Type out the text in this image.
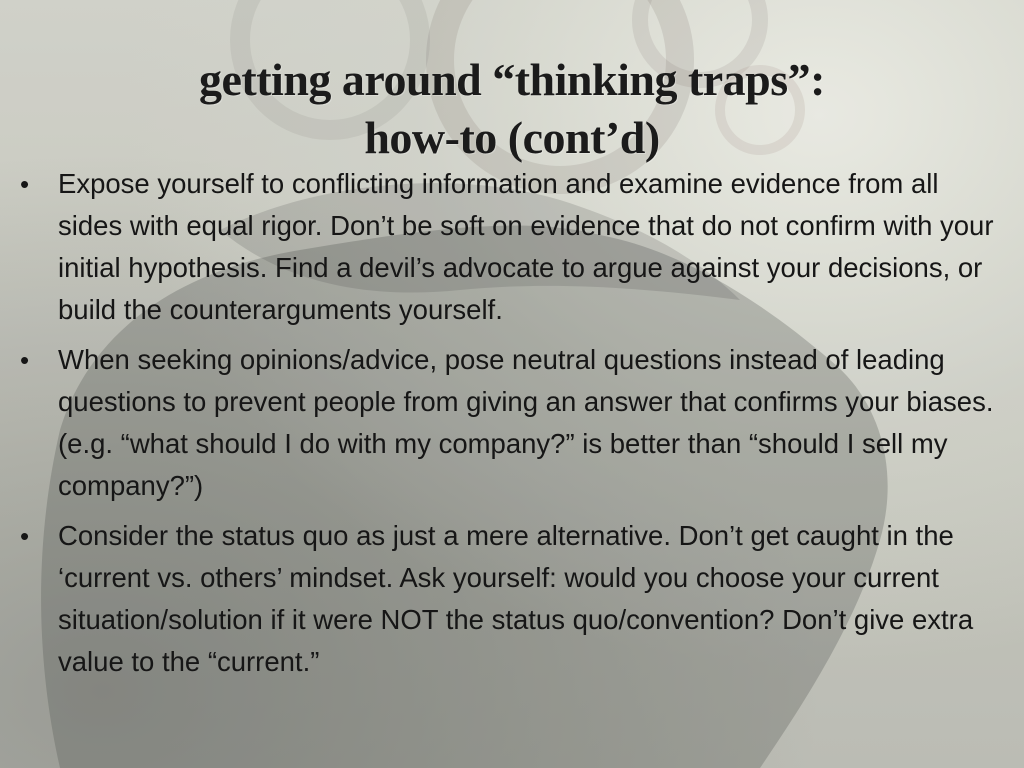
getting around “thinking traps”:
how-to (cont’d)
•	Expose yourself to conflicting information and examine evidence from all sides with equal rigor. Don’t be soft on evidence that do not confirm with your initial hypothesis. Find a devil’s advocate to argue against your decisions, or build the counterarguments yourself.
•	When seeking opinions/advice, pose neutral questions instead of leading questions to prevent people from giving an answer that confirms your biases. (e.g. “what should I do with my company?” is better than “should I sell my company?”)
•	Consider the status quo as just a mere alternative. Don’t get caught in the ‘current vs. others’ mindset. Ask yourself: would you choose your current situation/solution if it were NOT the status quo/convention? Don’t give extra value to the “current.”
